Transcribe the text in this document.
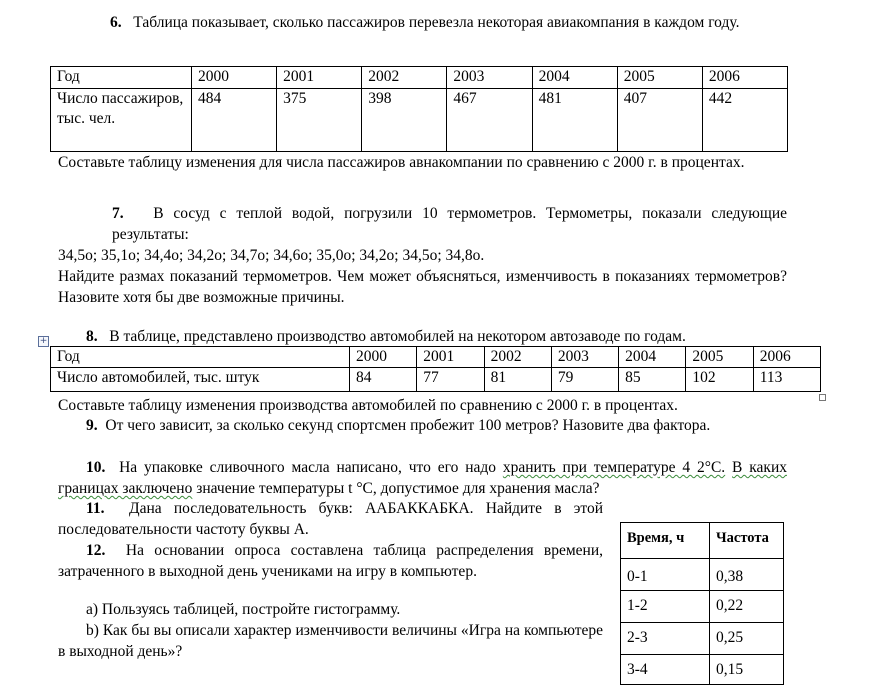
6. Таблица показывает, сколько пассажиров перевезла некоторая авиакомпания в каждом году.
Год	2000	2001	2002	2003	2004	2005	2006
Число пассажиров, тыс. чел.	484	375	398	467	481	407	442
Составьте таблицу изменения для числа пассажиров авнакомпании по сравнению с 2000 г. в процентах.
7. В сосуд с теплой водой, погрузили 10 термометров. Термометры, показали следующие результаты:
34,5о; 35,1о; 34,4о; 34,2о; 34,7о; 34,6о; 35,0о; 34,2о; 34,5о; 34,8о.
Найдите размах показаний термометров. Чем может объясняться, изменчивость в показаниях термометров? Назовите хотя бы две возможные причины.
+ 8. В таблице, представлено производство автомобилей на некотором автозаводе по годам.
Год	2000	2001	2002	2003	2004	2005	2006
Число автомобилей, тыс. штук	84	77	81	79	85	102	113
Составьте таблицу изменения производства автомобилей по сравнению с 2000 г. в процентах.
9. От чего зависит, за сколько секунд спортсмен пробежит 100 метров? Назовите два фактора.
10. На упаковке сливочного масла написано, что его надо хранить при температуре 4 2°С. В каких границах заключено значение температуры t °С, допустимое для хранения масла?
11. Дана последовательность букв: ААБАККАБКА. Найдите в этой последовательности частоту буквы А.
12. На основании опроса составлена таблица распределения времени, затраченного в выходной день учениками на игру в компьютер.
а) Пользуясь таблицей, постройте гистограмму.
b) Как бы вы описали характер изменчивости величины «Игра на компьютере в выходной день»?
Время, ч	Частота
0-1	0,38
1-2	0,22
2-3	0,25
3-4	0,15
